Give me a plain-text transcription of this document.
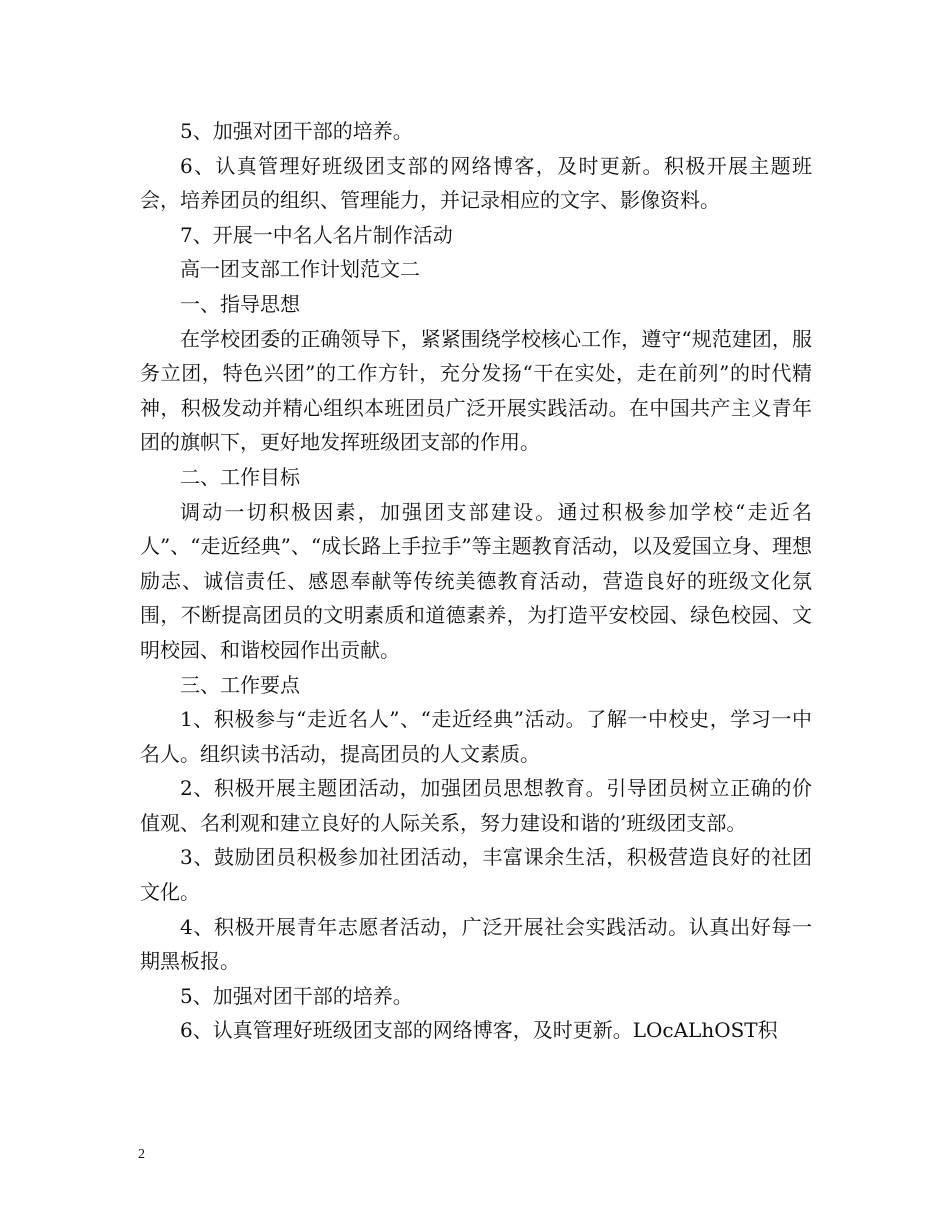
5、加强对团干部的培养。

6、认真管理好班级团支部的网络博客，及时更新。积极开展主题班会，培养团员的组织、管理能力，并记录相应的文字、影像资料。

7、开展一中名人名片制作活动

高一团支部工作计划范文二

一、指导思想

在学校团委的正确领导下，紧紧围绕学校核心工作，遵守“规范建团，服务立团，特色兴团”的工作方针，充分发扬“干在实处，走在前列”的时代精神，积极发动并精心组织本班团员广泛开展实践活动。在中国共产主义青年团的旗帜下，更好地发挥班级团支部的作用。

二、工作目标

调动一切积极因素，加强团支部建设。通过积极参加学校“走近名人”、“走近经典”、“成长路上手拉手”等主题教育活动，以及爱国立身、理想励志、诚信责任、感恩奉献等传统美德教育活动，营造良好的班级文化氛围，不断提高团员的文明素质和道德素养，为打造平安校园、绿色校园、文明校园、和谐校园作出贡献。

三、工作要点

1、积极参与“走近名人”、“走近经典”活动。了解一中校史，学习一中名人。组织读书活动，提高团员的人文素质。

2、积极开展主题团活动，加强团员思想教育。引导团员树立正确的价值观、名利观和建立良好的人际关系，努力建设和谐的’班级团支部。

3、鼓励团员积极参加社团活动，丰富课余生活，积极营造良好的社团文化。

4、积极开展青年志愿者活动，广泛开展社会实践活动。认真出好每一期黑板报。

5、加强对团干部的培养。

6、认真管理好班级团支部的网络博客，及时更新。LOcALhOST积

2
